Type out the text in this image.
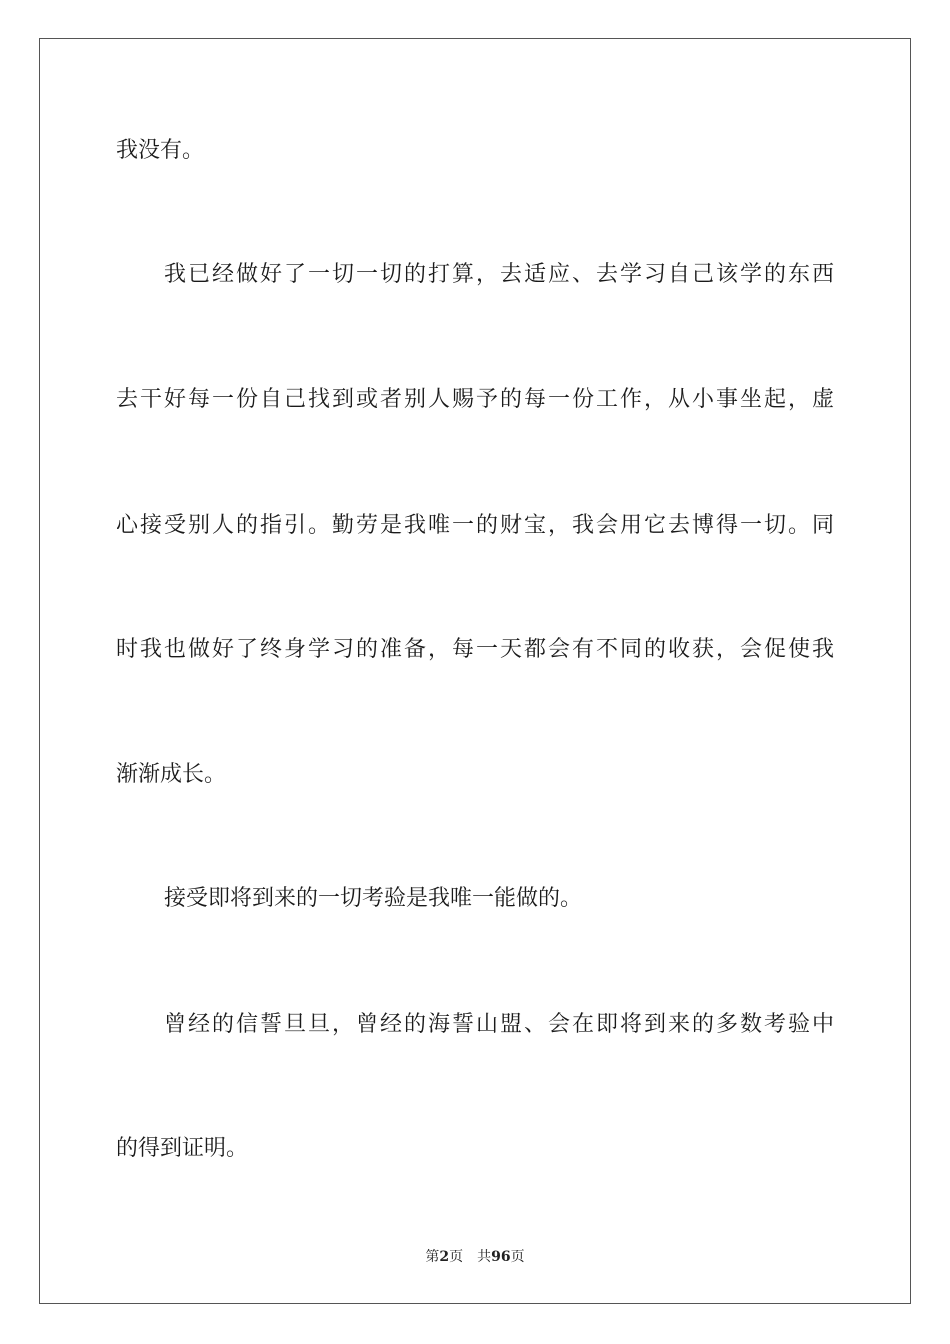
我没有。
我已经做好了一切一切的打算，去适应、去学习自己该学的东西
去干好每一份自己找到或者别人赐予的每一份工作，从小事坐起，虚
心接受别人的指引。勤劳是我唯一的财宝，我会用它去博得一切。同
时我也做好了终身学习的准备，每一天都会有不同的收获，会促使我
渐渐成长。
接受即将到来的一切考验是我唯一能做的。
曾经的信誓旦旦，曾经的海誓山盟、会在即将到来的多数考验中
的得到证明。
第2页 共96页
